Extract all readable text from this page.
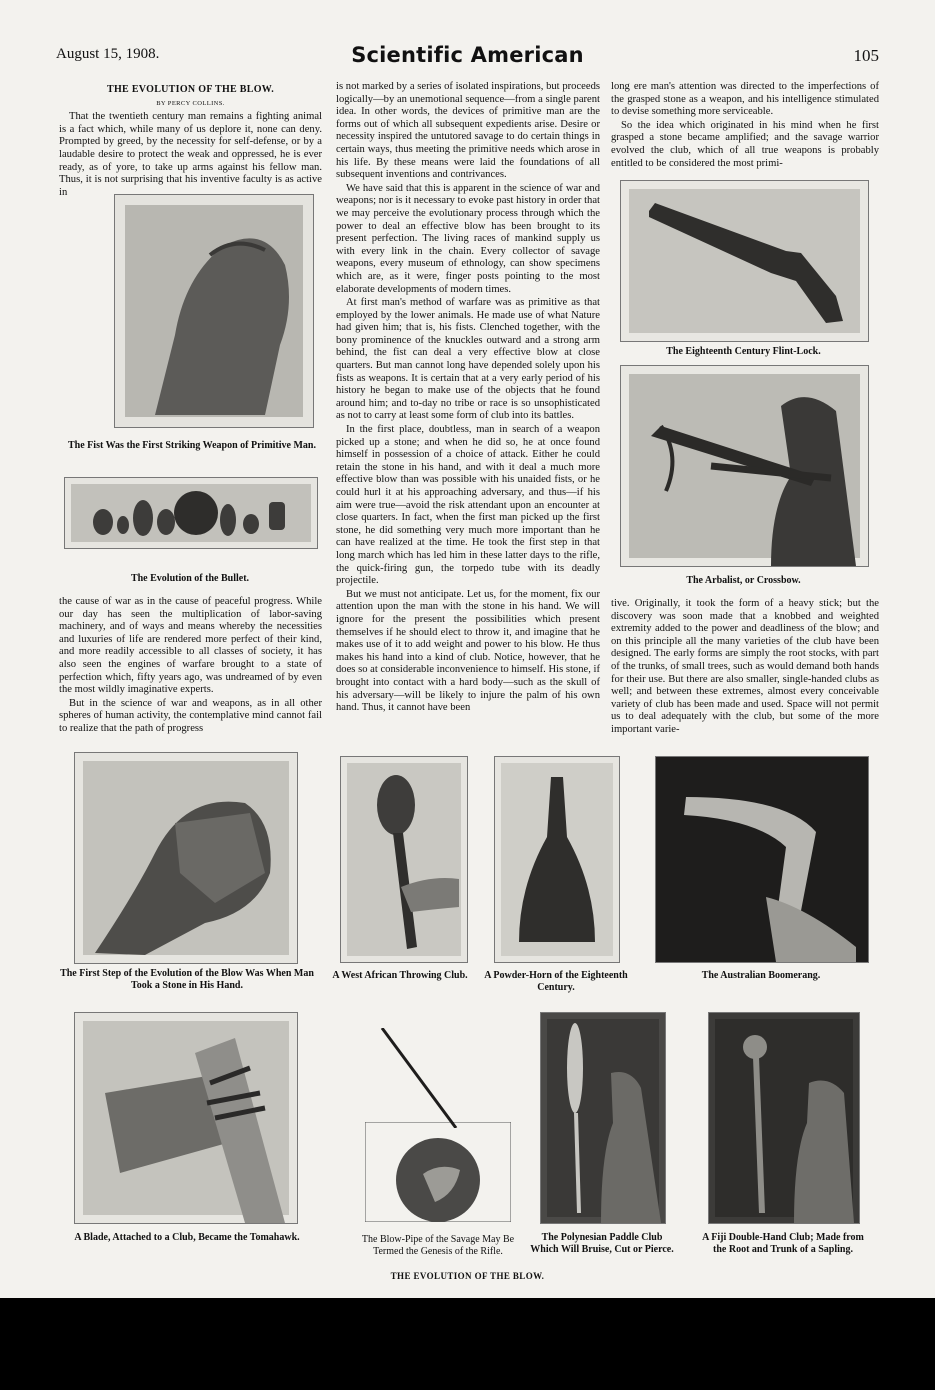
August 15, 1908.	Scientific American	105

THE EVOLUTION OF THE BLOW.

BY PERCY COLLINS.

That the twentieth century man remains a fighting animal is a fact which, while many of us deplore it, none can deny. Prompted by greed, by the necessity for self-defense, or by a laudable desire to protect the weak and oppressed, he is ever ready, as of yore, to take up arms against his fellow man. Thus, it is not surprising that his inventive faculty is as active in

The Fist Was the First Striking Weapon of Primitive Man.
The Evolution of the Bullet.

the cause of war as in the cause of peaceful progress. While our day has seen the multiplication of labor-saving machinery, and of ways and means whereby the necessities and luxuries of life are rendered more perfect of their kind, and more readily accessible to all classes of society, it has also seen the engines of warfare brought to a state of perfection which, fifty years ago, was undreamed of by even the most wildly imaginative experts.

But in the science of war and weapons, as in all other spheres of human activity, the contemplative mind cannot fail to realize that the path of progress

is not marked by a series of isolated inspirations, but proceeds logically—by an unemotional sequence—from a single parent idea. In other words, the devices of primitive man are the forms out of which all subsequent expedients arise. Desire or necessity inspired the untutored savage to do certain things in certain ways, thus meeting the primitive needs which arose in his life. By these means were laid the foundations of all subsequent inventions and contrivances.

We have said that this is apparent in the science of war and weapons; nor is it necessary to evoke past history in order that we may perceive the evolutionary process through which the power to deal an effective blow has been brought to its present perfection. The living races of mankind supply us with every link in the chain. Every collector of savage weapons, every museum of ethnology, can show specimens which are, as it were, finger posts pointing to the most elaborate developments of modern times.

At first man's method of warfare was as primitive as that employed by the lower animals. He made use of what Nature had given him; that is, his fists. Clenched together, with the bony prominence of the knuckles outward and a strong arm behind, the fist can deal a very effective blow at close quarters. But man cannot long have depended solely upon his fists as weapons. It is certain that at a very early period of his history he began to make use of the objects that he found around him; and to-day no tribe or race is so unsophisticated as not to carry at least some form of club into its battles.

In the first place, doubtless, man in search of a weapon picked up a stone; and when he did so, he at once found himself in possession of a choice of attack. Either he could retain the stone in his hand, and with it deal a much more effective blow than was possible with his unaided fists, or he could hurl it at his approaching adversary, and thus—if his aim were true—avoid the risk attendant upon an encounter at close quarters. In fact, when the first man picked up the first stone, he did something very much more important than he can have realized at the time. He took the first step in that long march which has led him in these latter days to the rifle, the quick-firing gun, the torpedo tube with its deadly projectile.

But we must not anticipate. Let us, for the moment, fix our attention upon the man with the stone in his hand. We will ignore for the present the possibilities which present themselves if he should elect to throw it, and imagine that he makes use of it to add weight and power to his blow. He thus makes his hand into a kind of club. Notice, however, that he does so at considerable inconvenience to himself. His stone, if brought into contact with a hard body—such as the skull of his adversary—will be likely to injure the palm of his own hand. Thus, it cannot have been

long ere man's attention was directed to the imperfections of the grasped stone as a weapon, and his intelligence stimulated to devise something more serviceable.

So the idea which originated in his mind when he first grasped a stone became amplified; and the savage warrior evolved the club, which of all true weapons is probably entitled to be considered the most primi-

The Eighteenth Century Flint-Lock.
The Arbalist, or Crossbow.

tive. Originally, it took the form of a heavy stick; but the discovery was soon made that a knobbed and weighted extremity added to the power and deadliness of the blow; and on this principle all the many varieties of the club have been designed. The early forms are simply the root stocks, with part of the trunks, of small trees, such as would demand both hands for their use. But there are also smaller, single-handed clubs as well; and between these extremes, almost every conceivable variety of club has been made and used. Space will not permit us to deal adequately with the club, but some of the more important varie-

The First Step of the Evolution of the Blow Was When Man Took a Stone in His Hand.
A West African Throwing Club.	A Powder-Horn of the Eighteenth Century.
The Australian Boomerang.
A Blade, Attached to a Club, Became the Tomahawk.	The Blow-Pipe of the Savage May Be Termed the Genesis of the Rifle.
The Polynesian Paddle Club Which Will Bruise, Cut or Pierce.
A Fiji Double-Hand Club; Made from the Root and Trunk of a Sapling.
THE EVOLUTION OF THE BLOW.
